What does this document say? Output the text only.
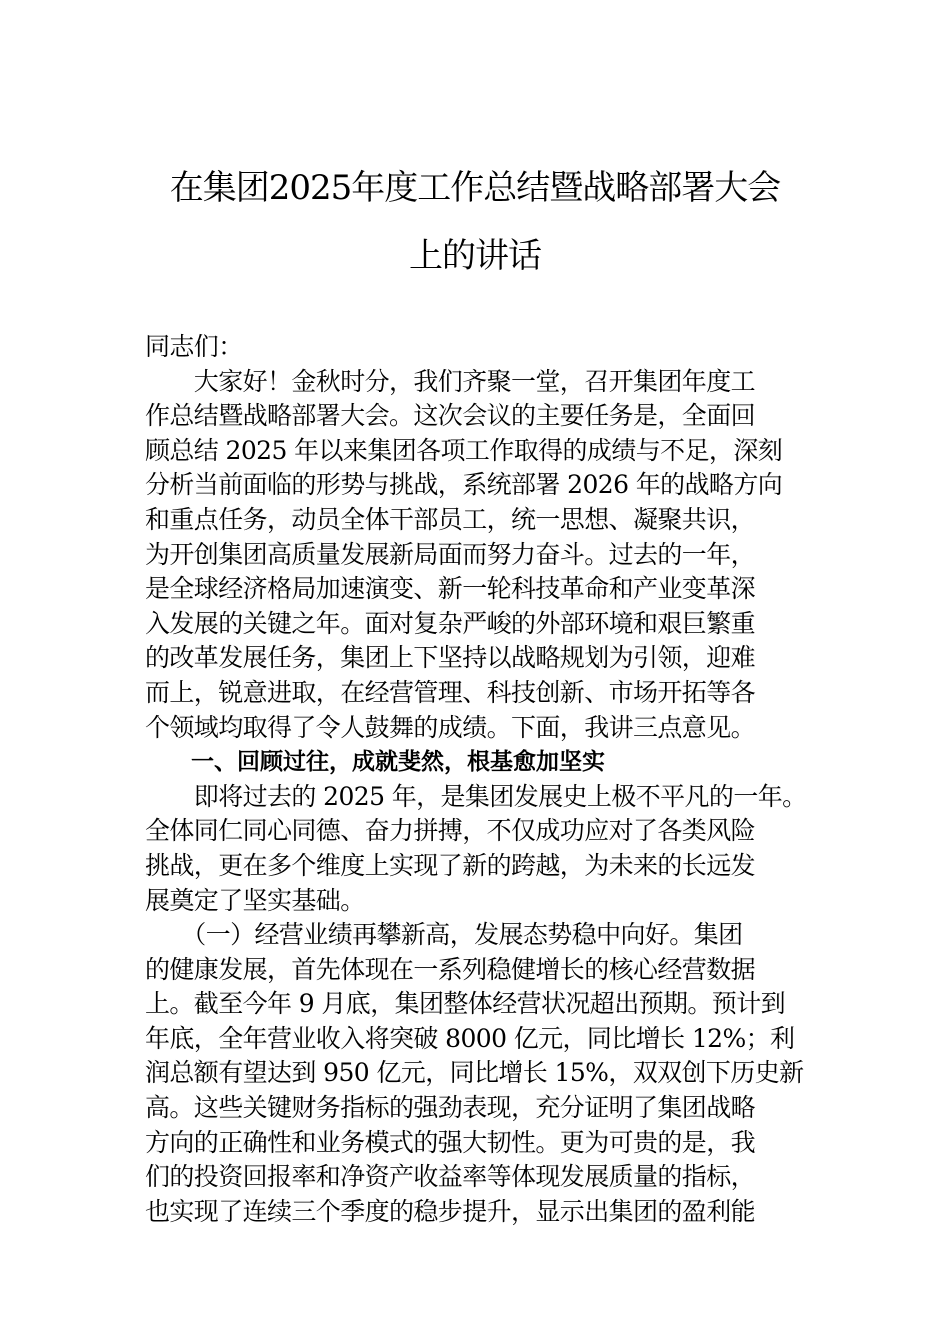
在集团2025年度工作总结暨战略部署大会
上的讲话
同志们：
　　大家好！金秋时分，我们齐聚一堂，召开集团年度工
作总结暨战略部署大会。这次会议的主要任务是，全面回
顾总结 2025 年以来集团各项工作取得的成绩与不足，深刻
分析当前面临的形势与挑战，系统部署 2026 年的战略方向
和重点任务，动员全体干部员工，统一思想、凝聚共识，
为开创集团高质量发展新局面而努力奋斗。过去的一年，
是全球经济格局加速演变、新一轮科技革命和产业变革深
入发展的关键之年。面对复杂严峻的外部环境和艰巨繁重
的改革发展任务，集团上下坚持以战略规划为引领，迎难
而上，锐意进取，在经营管理、科技创新、市场开拓等各
个领域均取得了令人鼓舞的成绩。下面，我讲三点意见。
　　一、回顾过往，成就斐然，根基愈加坚实
　　即将过去的 2025 年，是集团发展史上极不平凡的一年。
全体同仁同心同德、奋力拼搏，不仅成功应对了各类风险
挑战，更在多个维度上实现了新的跨越，为未来的长远发
展奠定了坚实基础。
　　（一）经营业绩再攀新高，发展态势稳中向好。集团
的健康发展，首先体现在一系列稳健增长的核心经营数据
上。截至今年 9 月底，集团整体经营状况超出预期。预计到
年底，全年营业收入将突破 8000 亿元，同比增长 12%；利
润总额有望达到 950 亿元，同比增长 15%，双双创下历史新
高。这些关键财务指标的强劲表现，充分证明了集团战略
方向的正确性和业务模式的强大韧性。更为可贵的是，我
们的投资回报率和净资产收益率等体现发展质量的指标，
也实现了连续三个季度的稳步提升，显示出集团的盈利能
